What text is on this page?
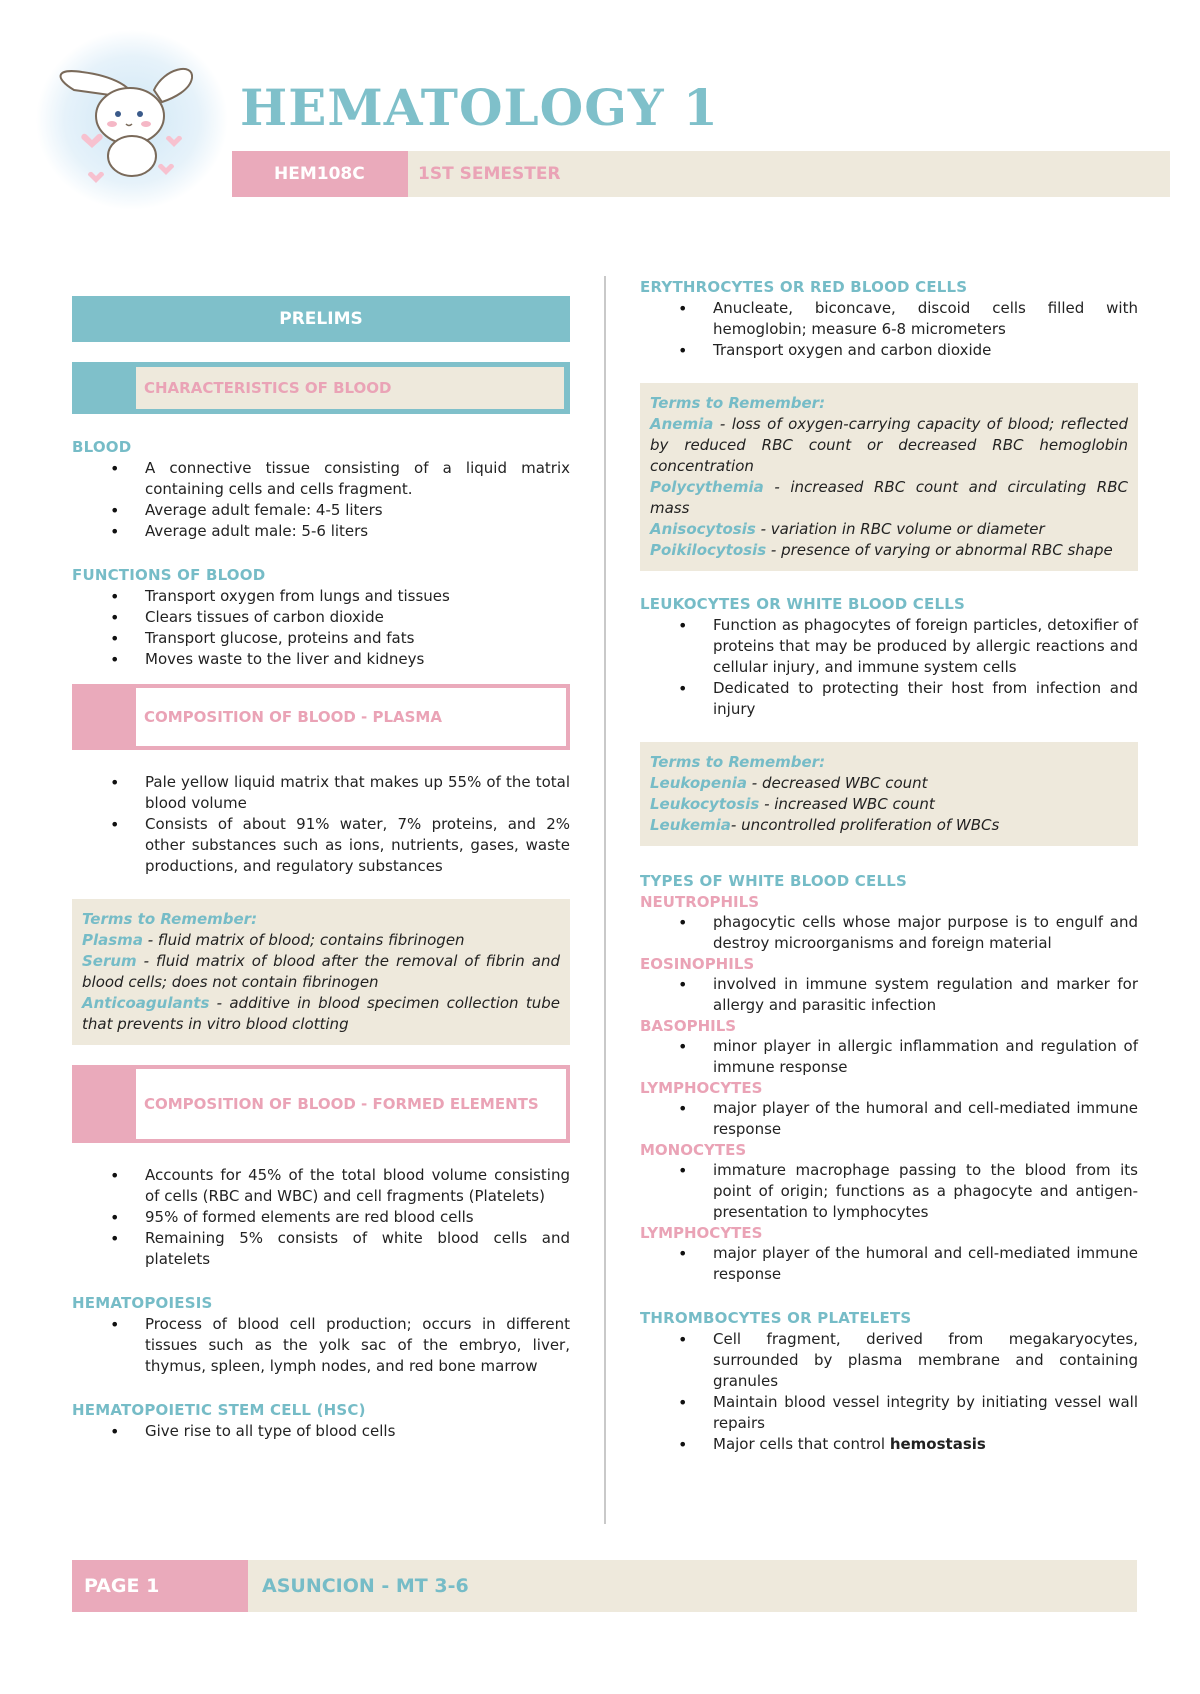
HEMATOLOGY 1
HEM108C	1ST SEMESTER
PRELIMS
CHARACTERISTICS OF BLOOD
BLOOD
• A connective tissue consisting of a liquid matrix containing cells and cells fragment.
• Average adult female: 4-5 liters
• Average adult male: 5-6 liters
FUNCTIONS OF BLOOD
• Transport oxygen from lungs and tissues
• Clears tissues of carbon dioxide
• Transport glucose, proteins and fats
• Moves waste to the liver and kidneys
COMPOSITION OF BLOOD - PLASMA
• Pale yellow liquid matrix that makes up 55% of the total blood volume
• Consists of about 91% water, 7% proteins, and 2% other substances such as ions, nutrients, gases, waste productions, and regulatory substances
Terms to Remember:
Plasma - fluid matrix of blood; contains fibrinogen
Serum - fluid matrix of blood after the removal of fibrin and blood cells; does not contain fibrinogen
Anticoagulants - additive in blood specimen collection tube that prevents in vitro blood clotting
COMPOSITION OF BLOOD - FORMED ELEMENTS
• Accounts for 45% of the total blood volume consisting of cells (RBC and WBC) and cell fragments (Platelets)
• 95% of formed elements are red blood cells
• Remaining 5% consists of white blood cells and platelets
HEMATOPOIESIS
• Process of blood cell production; occurs in different tissues such as the yolk sac of the embryo, liver, thymus, spleen, lymph nodes, and red bone marrow
HEMATOPOIETIC STEM CELL (HSC)
• Give rise to all type of blood cells
ERYTHROCYTES OR RED BLOOD CELLS
• Anucleate, biconcave, discoid cells filled with hemoglobin; measure 6-8 micrometers
• Transport oxygen and carbon dioxide
Terms to Remember:
Anemia - loss of oxygen-carrying capacity of blood; reflected by reduced RBC count or decreased RBC hemoglobin concentration
Polycythemia - increased RBC count and circulating RBC mass
Anisocytosis - variation in RBC volume or diameter
Poikilocytosis - presence of varying or abnormal RBC shape
LEUKOCYTES OR WHITE BLOOD CELLS
• Function as phagocytes of foreign particles, detoxifier of proteins that may be produced by allergic reactions and cellular injury, and immune system cells
• Dedicated to protecting their host from infection and injury
Terms to Remember:
Leukopenia - decreased WBC count
Leukocytosis - increased WBC count
Leukemia- uncontrolled proliferation of WBCs
TYPES OF WHITE BLOOD CELLS
NEUTROPHILS
• phagocytic cells whose major purpose is to engulf and destroy microorganisms and foreign material
EOSINOPHILS
• involved in immune system regulation and marker for allergy and parasitic infection
BASOPHILS
• minor player in allergic inflammation and regulation of immune response
LYMPHOCYTES
• major player of the humoral and cell-mediated immune response
MONOCYTES
• immature macrophage passing to the blood from its point of origin; functions as a phagocyte and antigen-presentation to lymphocytes
LYMPHOCYTES
• major player of the humoral and cell-mediated immune response
THROMBOCYTES OR PLATELETS
• Cell fragment, derived from megakaryocytes, surrounded by plasma membrane and containing granules
• Maintain blood vessel integrity by initiating vessel wall repairs
• Major cells that control hemostasis
PAGE 1	ASUNCION - MT 3-6
